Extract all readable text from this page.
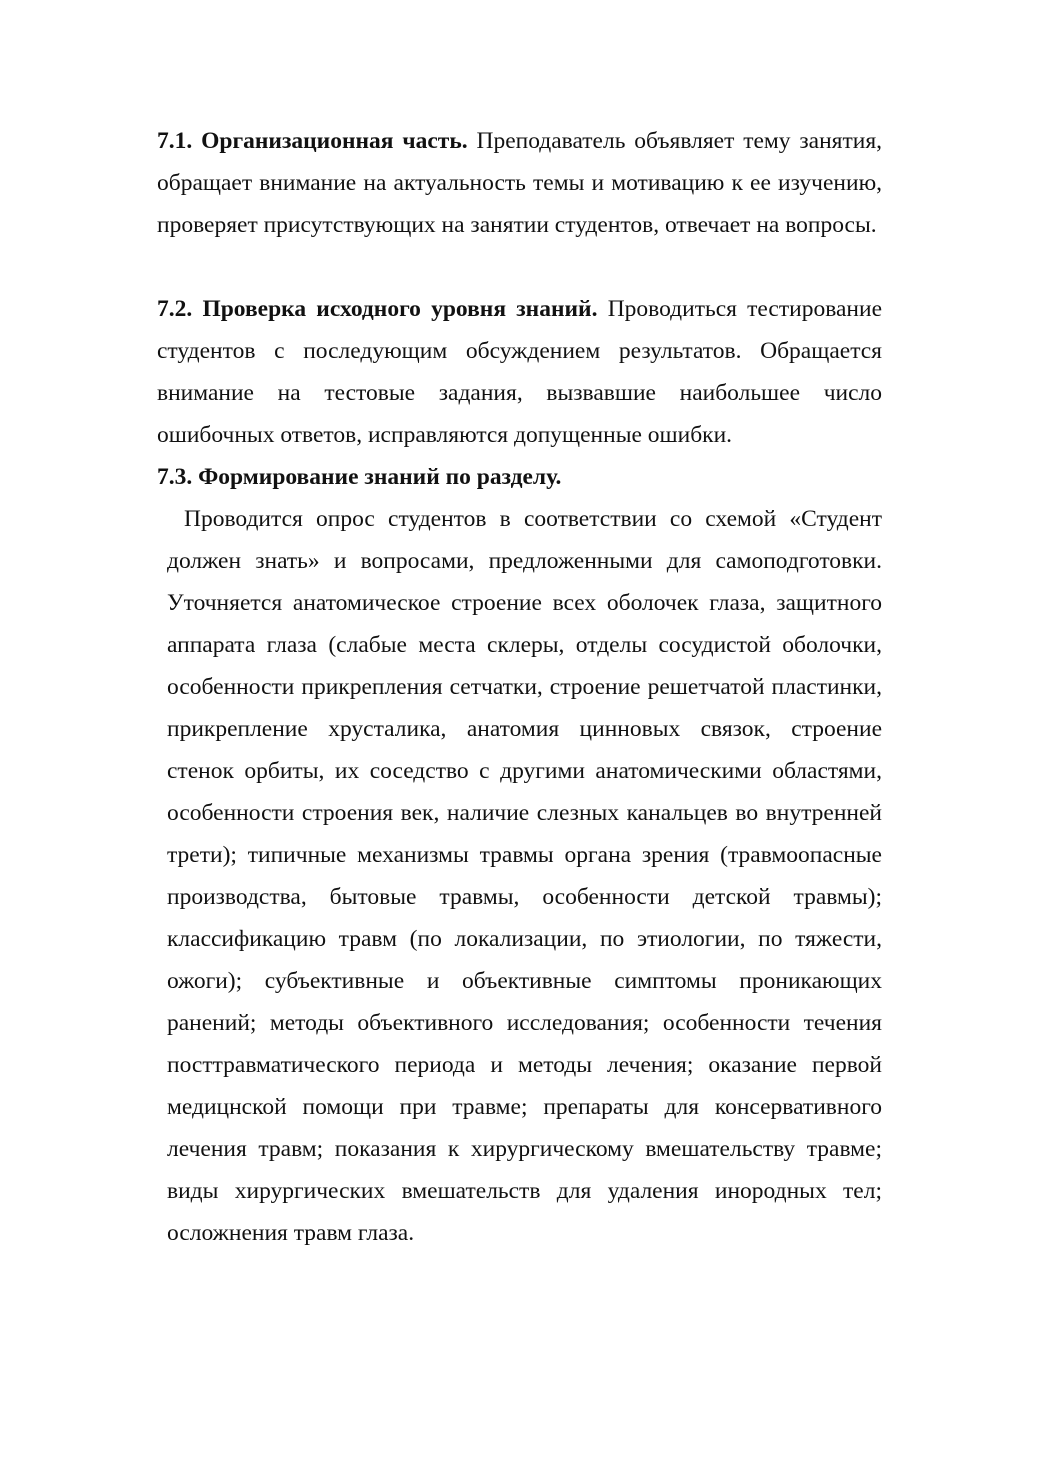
7.1. Организационная часть. Преподаватель объявляет тему занятия, обращает внимание на актуальность темы и мотивацию к ее изучению, проверяет присутствующих на занятии студентов, отвечает на вопросы.

7.2. Проверка исходного уровня знаний. Проводиться тестирование студентов с последующим обсуждением результатов. Обращается внимание на тестовые задания, вызвавшие наибольшее число ошибочных ответов, исправляются допущенные ошибки.

7.3. Формирование знаний по разделу.

Проводится опрос студентов в соответствии со схемой «Студент должен знать» и вопросами, предложенными для самоподготовки. Уточняется анатомическое строение всех оболочек глаза, защитного аппарата глаза (слабые места склеры, отделы сосудистой оболочки, особенности прикрепления сетчатки, строение решетчатой пластинки, прикрепление хрусталика, анатомия цинновых связок, строение стенок орбиты, их соседство с другими анатомическими областями, особенности строения век, наличие слезных канальцев во внутренней трети); типичные механизмы травмы органа зрения (травмоопасные производства, бытовые травмы, особенности детской травмы); классификацию травм (по локализации, по этиологии, по тяжести, ожоги); субъективные и объективные симптомы проникающих ранений; методы объективного исследования; особенности течения посттравматического периода и методы лечения; оказание первой медицнской помощи при травме; препараты для консервативного лечения травм; показания к хирургическому вмешательству травме; виды хирургических вмешательств для удаления инородных тел; осложнения травм глаза.
